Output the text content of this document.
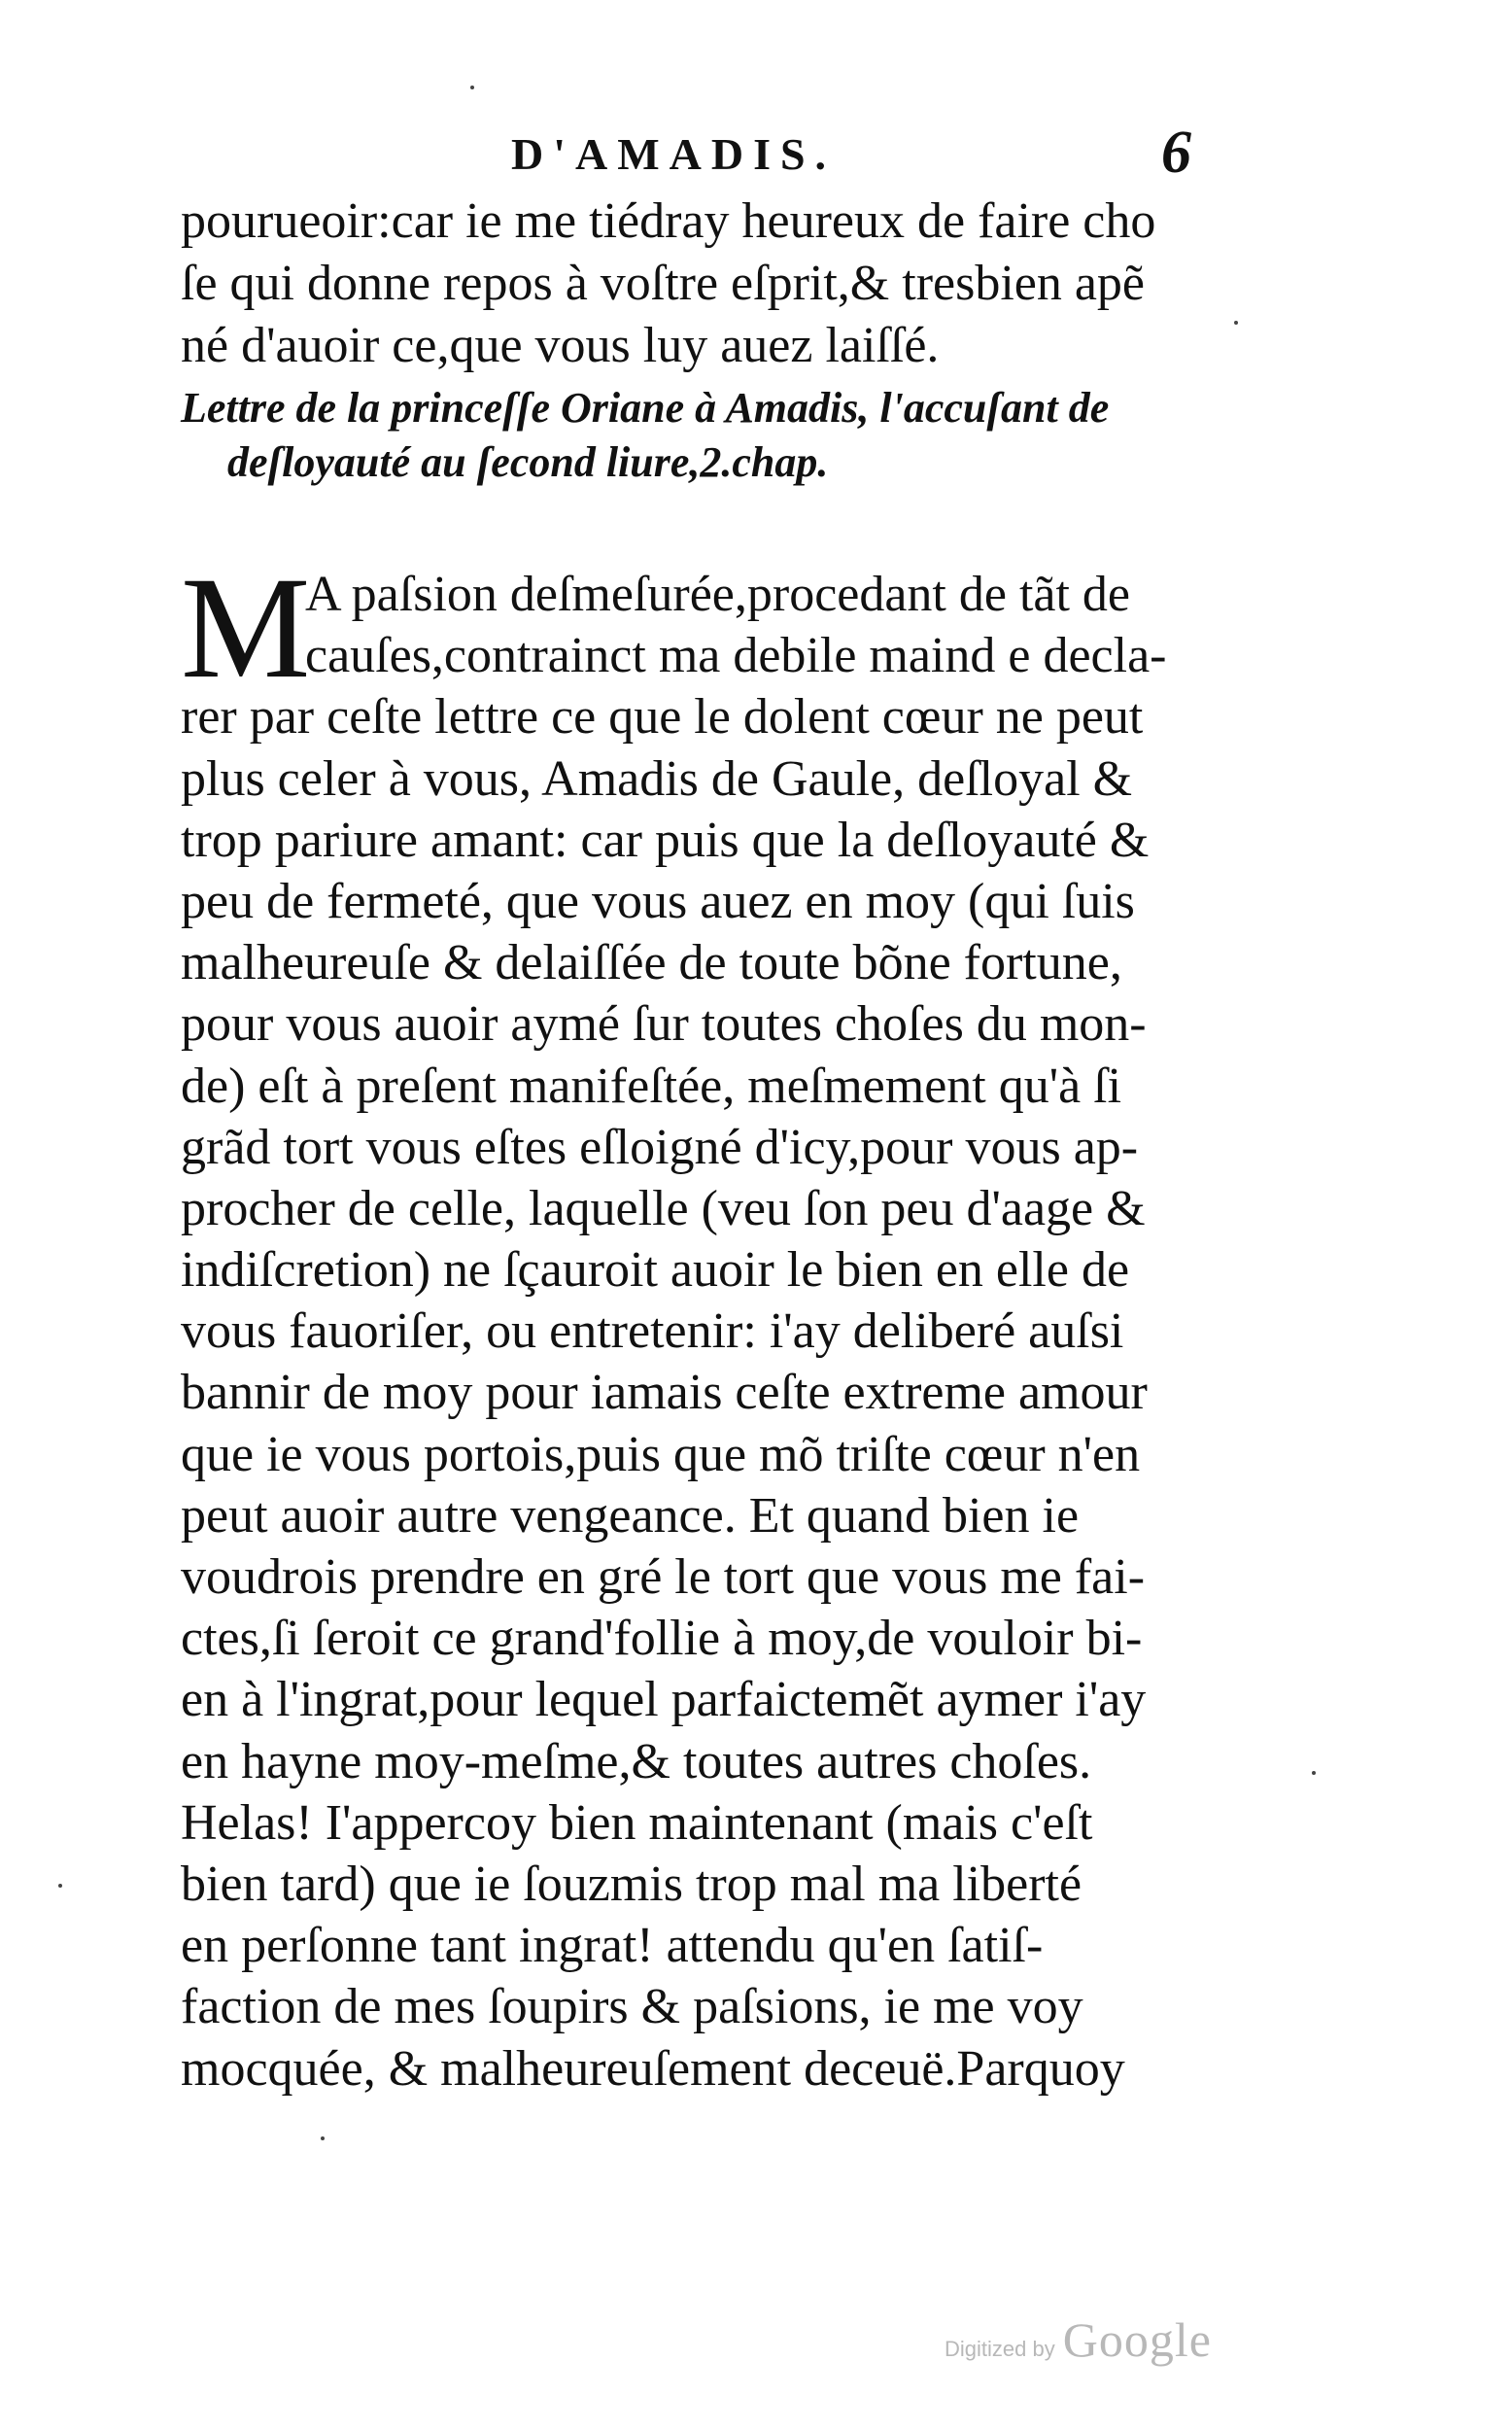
D'AMADIS.	6
pourueoir:car ie me tiédray heureux de faire cho
ſe qui donne repos à voſtre eſprit,& tresbien apẽ
né d'auoir ce,que vous luy auez laiſſé.
Lettre de la princeſſe Oriane à Amadis, l'accuſant de
deſloyauté au ſecond liure,2.chap.
M
A paſsion deſmeſurée,procedant de tãt de
cauſes,contrainct ma debile maind e decla-
rer par ceſte lettre ce que le dolent cœur ne peut
plus celer à vous, Amadis de Gaule, deſloyal &
trop pariure amant: car puis que la deſloyauté &
peu de fermeté, que vous auez en moy (qui ſuis
malheureuſe & delaiſſée de toute bõne fortune,
pour vous auoir aymé ſur toutes choſes du mon-
de) eſt à preſent manifeſtée, meſmement qu'à ſi
grãd tort vous eſtes eſloigné d'icy,pour vous ap-
procher de celle, laquelle (veu ſon peu d'aage &
indiſcretion) ne ſçauroit auoir le bien en elle de
vous fauoriſer, ou entretenir: i'ay deliberé auſsi
bannir de moy pour iamais ceſte extreme amour
que ie vous portois,puis que mõ triſte cœur n'en
peut auoir autre vengeance. Et quand bien ie
voudrois prendre en gré le tort que vous me fai-
ctes,ſi ſeroit ce grand'follie à moy,de vouloir bi-
en à l'ingrat,pour lequel parfaictemẽt aymer i'ay
en hayne moy-meſme,& toutes autres choſes.
Helas! I'appercoy bien maintenant (mais c'eſt
bien tard) que ie ſouzmis trop mal ma liberté
en perſonne tant ingrat! attendu qu'en ſatiſ-
faction de mes ſoupirs & paſsions, ie me voy
mocquée, & malheureuſement deceuë.Parquoy
Digitized by Google
